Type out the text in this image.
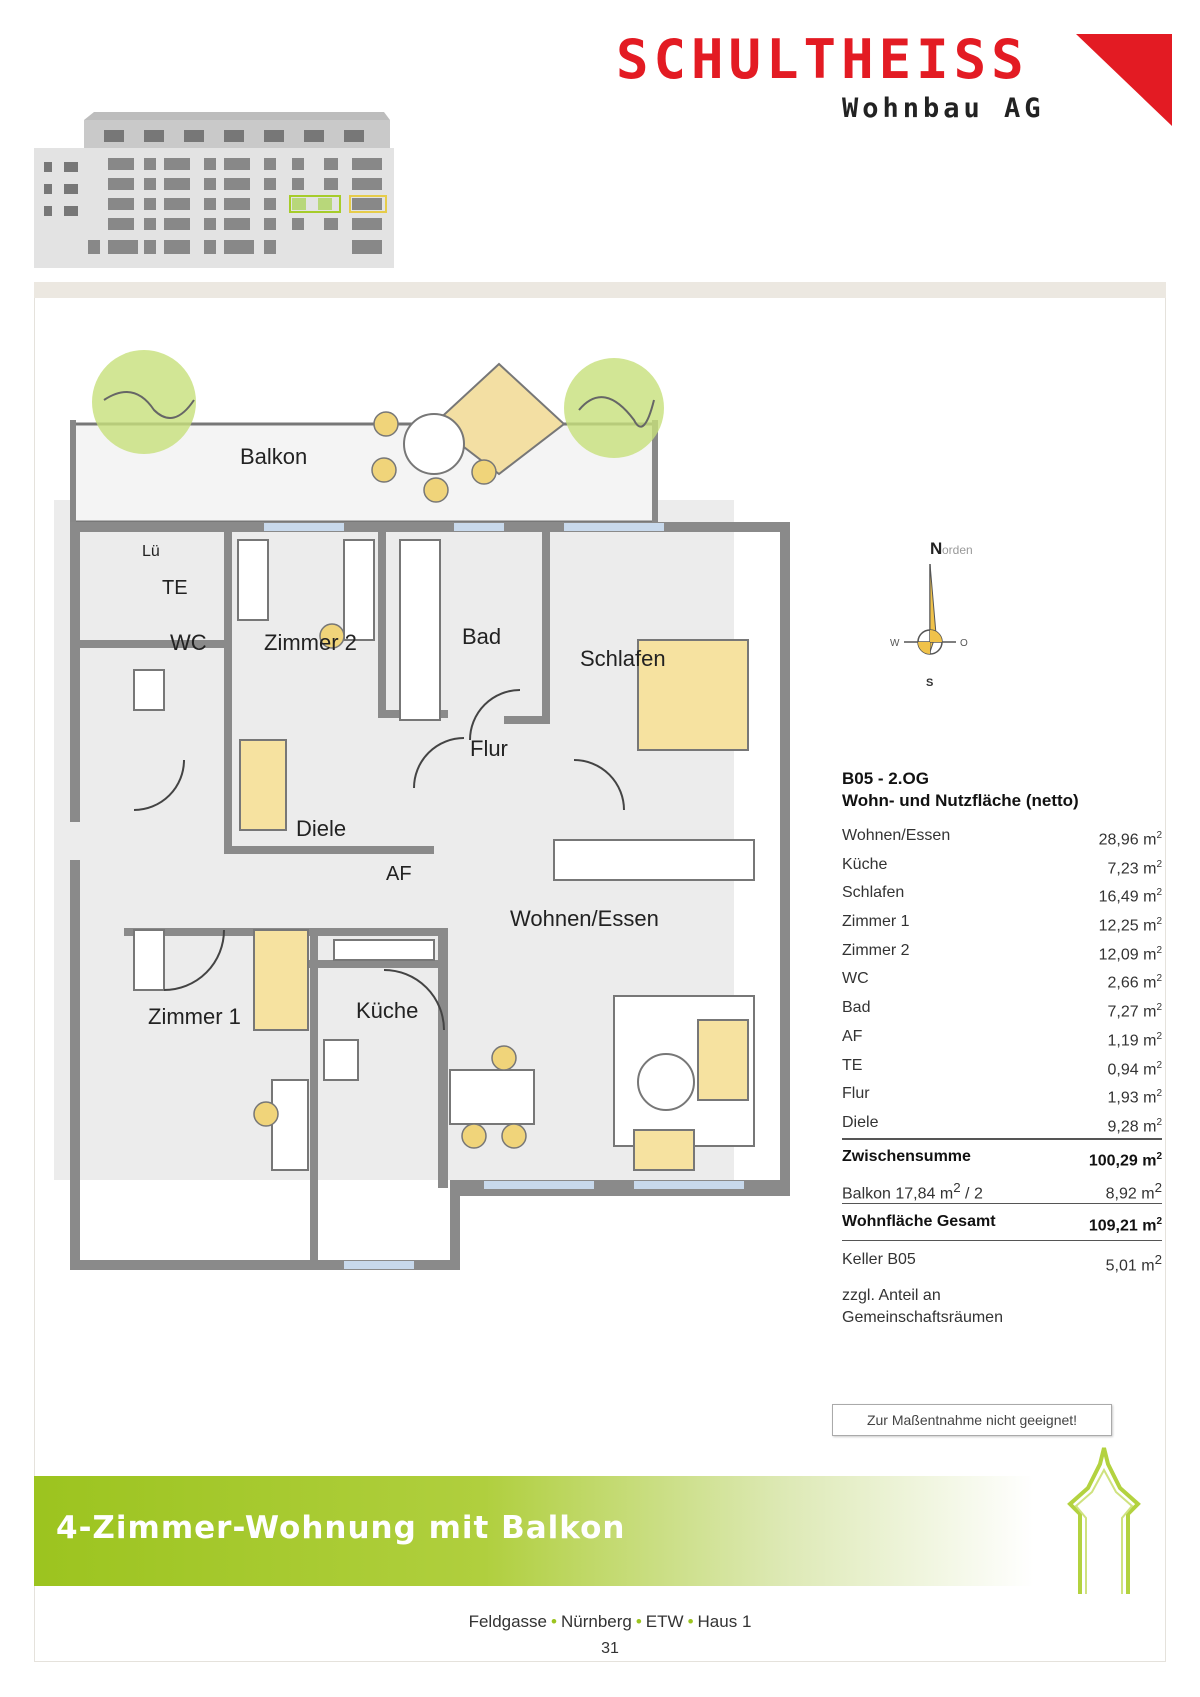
SCHULTHEISS
Wohnbau AG
Balkon
Lü
TE
WC	Zimmer 2	Bad
Schlafen
Flur
Diele
AF
Wohnen/Essen
Zimmer 1	Küche
N orden
W	O
S
B05 - 2.OG
Wohn- und Nutzfläche (netto)
Wohnen/Essen	28,96 $m^2$
Küche	7,23 $m^2$
Schlafen	16,49 $m^2$
Zimmer 1	12,25 $m^2$
Zimmer 2	12,09 $m^2$
WC	2,66 $m^2$
Bad	7,27 $m^2$
AF	1,19 $m^2$
TE	0,94 $m^2$
Flur	1,93 $m^2$
Diele	9,28 $m^2$
Zwischensumme	100,29 $m^2$
Balkon 17,84 $m^2 / 2$	8,92 $m^2$
Wohnfläche Gesamt	109,21 $m^2$
Keller B05	5,01 $m^2$
zzgl. Anteil an
Gemeinschaftsräumen
Zur Maßentnahme nicht geeignet!
4-Zimmer-Wohnung mit Balkon
Feldgasse • Nürnberg • ETW • Haus 1
31
